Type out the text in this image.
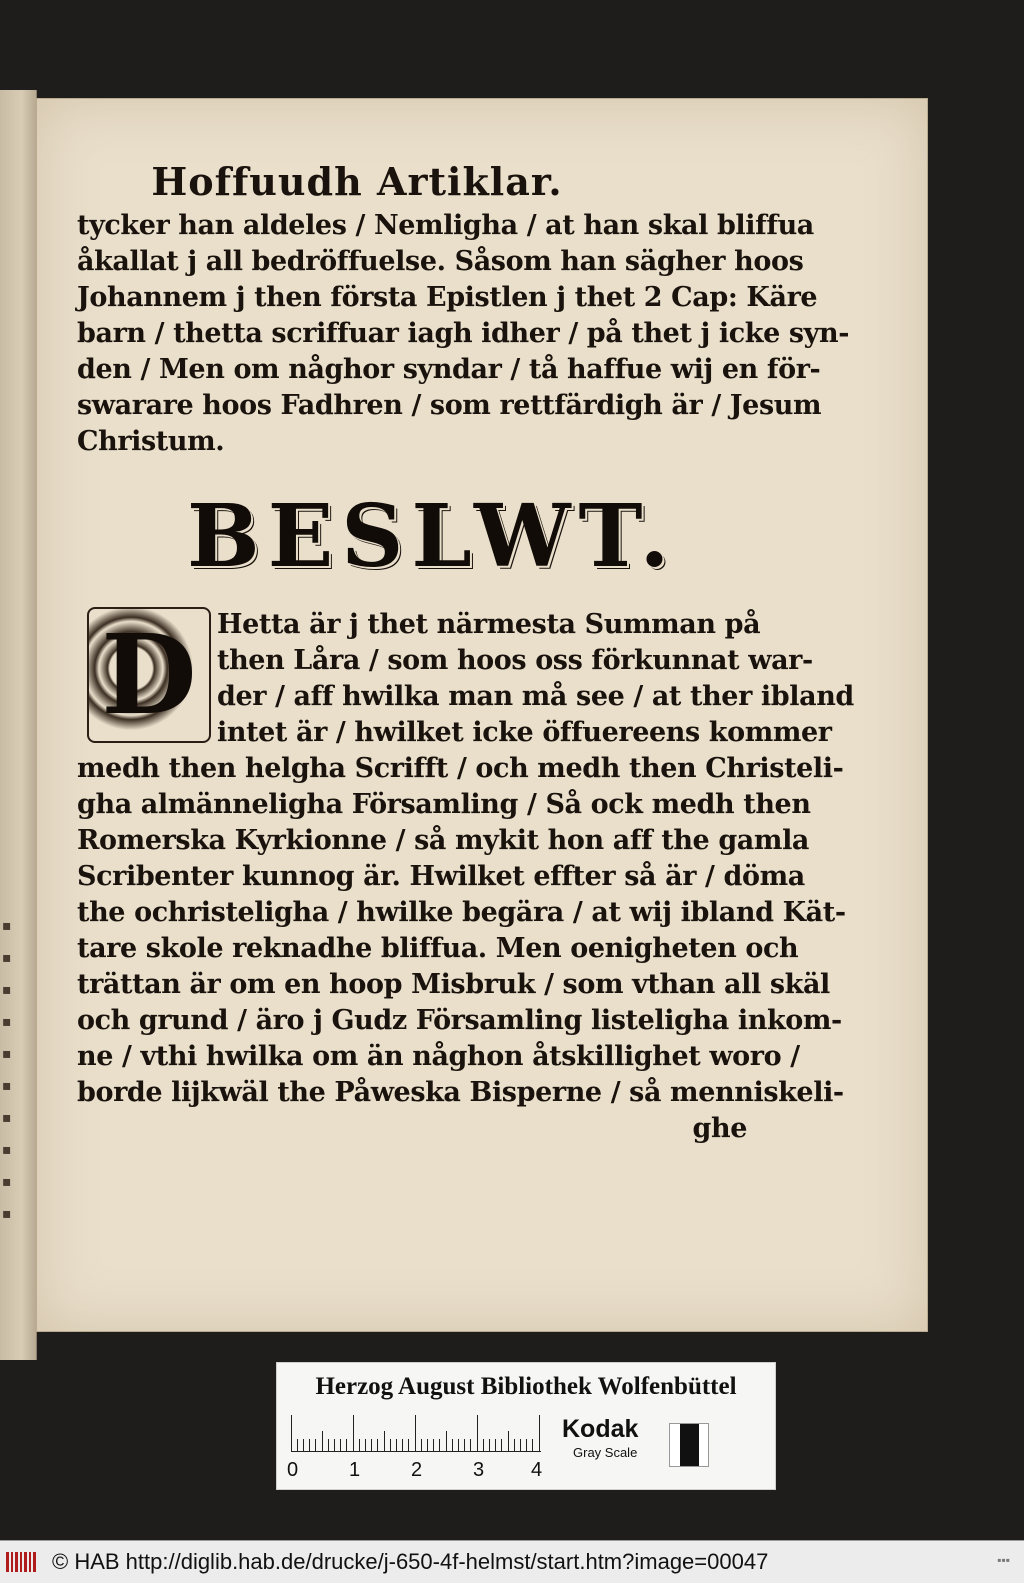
▪
▪
▪
▪
▪
▪
▪
▪
▪
▪
Hoffuudh Artiklar.
tycker han aldeles / Nemligha / at han skal bliffua
åkallat j all bedröffuelse. Såsom han sägher hoos
Johannem j then första Epistlen j thet 2 Cap: Käre
barn / thetta scriffuar iagh idher / på thet j icke syn-
den / Men om någhor syndar / tå haffue wij en för-
swarare hoos Fadhren / som rettfärdigh är / Jesum
Christum.
BESLWT.
D Hetta är j thet närmesta Summan på
then Låra / som hoos oss förkunnat war-
der / aff hwilka man må see / at ther ibland
intet är / hwilket icke öffuereens kommer
medh then helgha Scrifft / och medh then Christeli-
gha almänneligha Församling / Så ock medh then
Romerska Kyrkionne / så mykit hon aff the gamla
Scribenter kunnog är. Hwilket effter så är / döma
the ochristeligha / hwilke begära / at wij ibland Kät-
tare skole reknadhe bliffua. Men oenigheten och
trättan är om en hoop Misbruk / som vthan all skäl
och grund / äro j Gudz Församling listeligha inkom-
ne / vthi hwilka om än någhon åtskillighet woro /
borde lijkwäl the Påweska Bisperne / så menniskeli-
ghe
Herzog August Bibliothek Wolfenbüttel
0	1	2	3 4
Kodak
Gray Scale
© HAB http://diglib.hab.de/drucke/j-650-4f-helmst/start.htm?image=00047	▪▪▪
